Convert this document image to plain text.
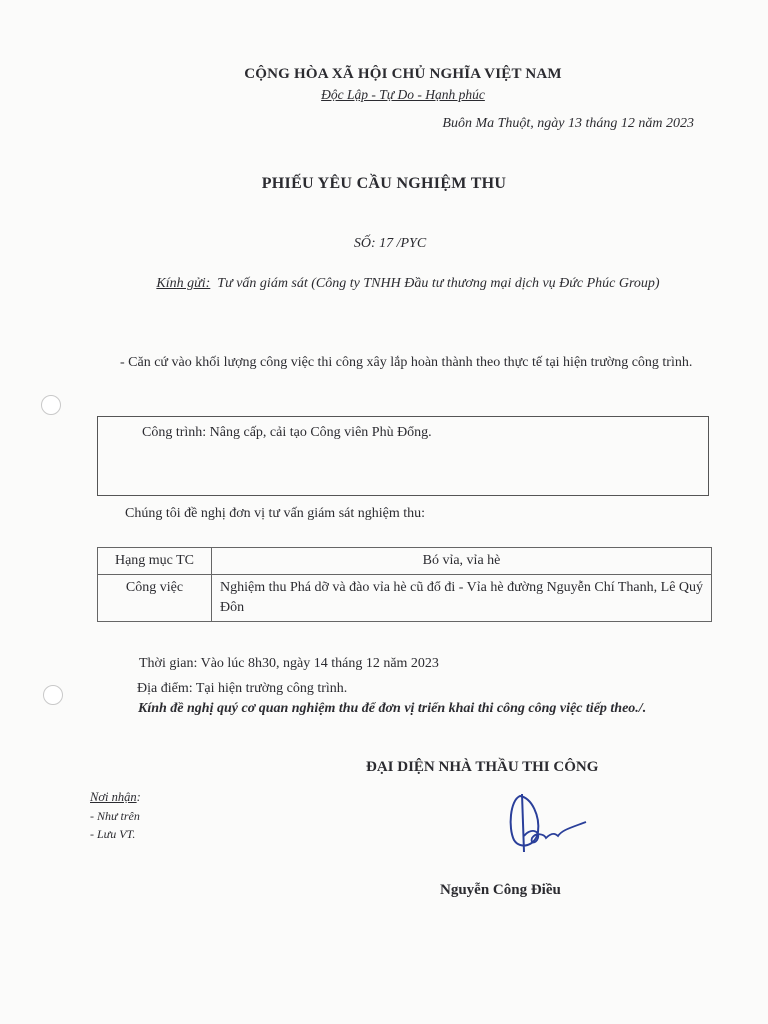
CỘNG HÒA XÃ HỘI CHỦ NGHĨA VIỆT NAM
Độc Lập - Tự Do - Hạnh phúc
Buôn Ma Thuột, ngày 13 tháng 12 năm 2023
PHIẾU YÊU CẦU NGHIỆM THU
SỐ: 17 /PYC
Kính gửi: Tư vấn giám sát (Công ty TNHH Đầu tư thương mại dịch vụ Đức Phúc Group)
- Căn cứ vào khối lượng công việc thi công xây lắp hoàn thành theo thực tế tại hiện trường công trình.
Công trình: Nâng cấp, cải tạo Công viên Phù Đổng.
Chúng tôi đề nghị đơn vị tư vấn giám sát nghiệm thu:
Hạng mục TC	Bó vỉa, vỉa hè
Công việc	Nghiệm thu Phá dỡ và đào vỉa hè cũ đổ đi - Vỉa hè đường Nguyễn Chí Thanh, Lê Quý Đôn
Thời gian: Vào lúc 8h30, ngày 14 tháng 12 năm 2023
Địa điểm: Tại hiện trường công trình.
Kính đề nghị quý cơ quan nghiệm thu để đơn vị triển khai thi công công việc tiếp theo./.
ĐẠI DIỆN NHÀ THẦU THI CÔNG
Nơi nhận:
- Như trên
- Lưu VT.
Nguyễn Công Điều
